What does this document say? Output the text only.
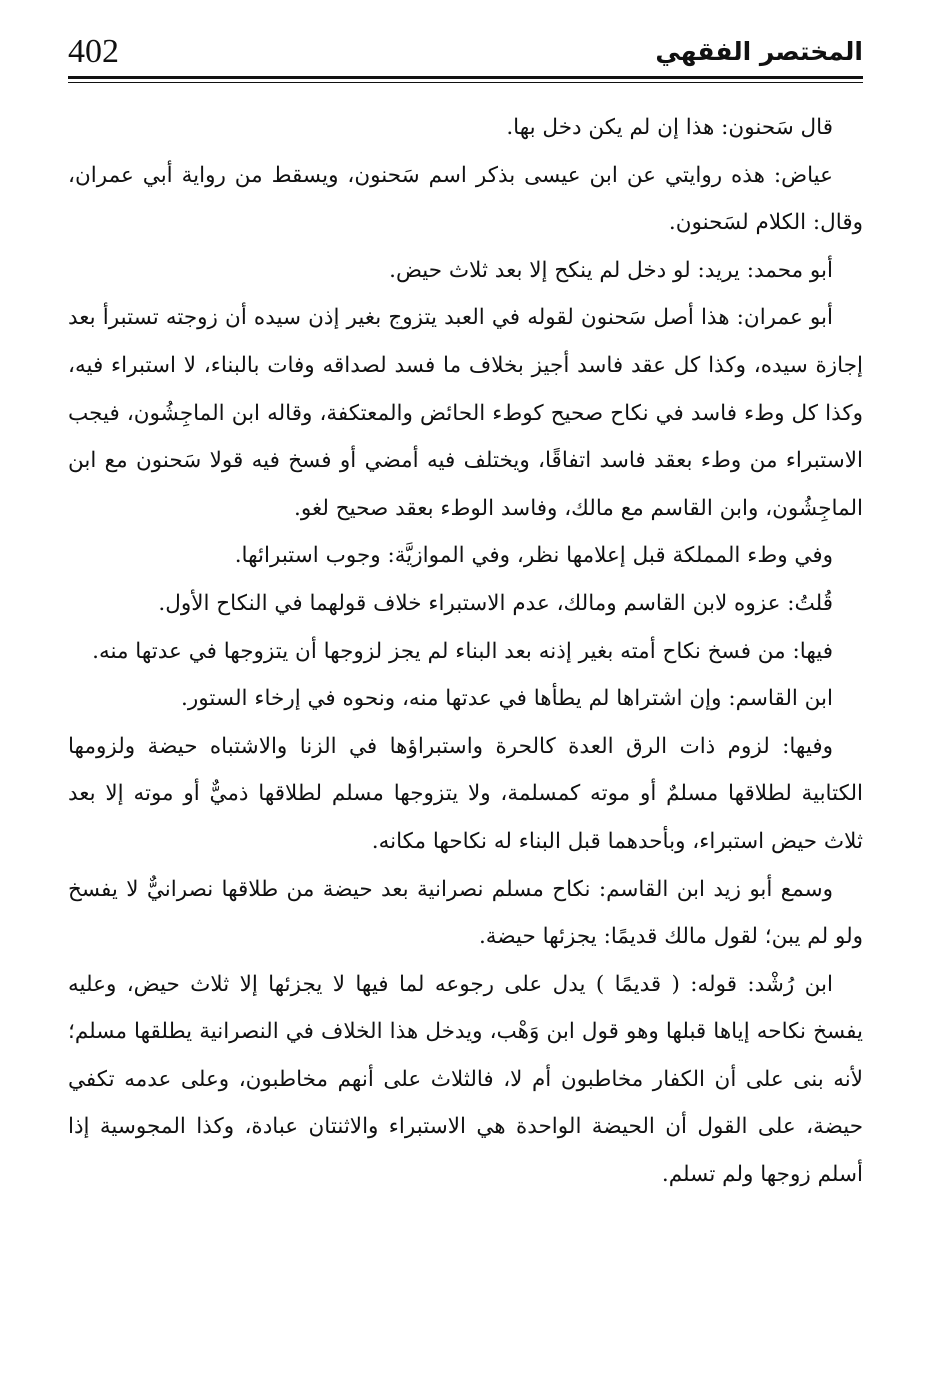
402	المختصر الفقهي

قال سَحنون: هذا إن لم يكن دخل بها.

عياض: هذه روايتي عن ابن عيسى بذكر اسم سَحنون، ويسقط من رواية أبي عمران، وقال: الكلام لسَحنون.

أبو محمد: يريد: لو دخل لم ينكح إلا بعد ثلاث حيض.

أبو عمران: هذا أصل سَحنون لقوله في العبد يتزوج بغير إذن سيده أن زوجته تستبرأ بعد إجازة سيده، وكذا كل عقد فاسد أجيز بخلاف ما فسد لصداقه وفات بالبناء، لا استبراء فيه، وكذا كل وطء فاسد في نكاح صحيح كوطء الحائض والمعتكفة، وقاله ابن الماجِشُون، فيجب الاستبراء من وطء بعقد فاسد اتفاقًا، ويختلف فيه أمضي أو فسخ فيه قولا سَحنون مع ابن الماجِشُون، وابن القاسم مع مالك، وفاسد الوطء بعقد صحيح لغو.

وفي وطء المملكة قبل إعلامها نظر، وفي الموازيَّة: وجوب استبرائها.

قُلتُ: عزوه لابن القاسم ومالك، عدم الاستبراء خلاف قولهما في النكاح الأول.

فيها: من فسخ نكاح أمته بغير إذنه بعد البناء لم يجز لزوجها أن يتزوجها في عدتها منه.

ابن القاسم: وإن اشتراها لم يطأها في عدتها منه، ونحوه في إرخاء الستور.

وفيها: لزوم ذات الرق العدة كالحرة واستبراؤها في الزنا والاشتباه حيضة ولزومها الكتابية لطلاقها مسلمٌ أو موته كمسلمة، ولا يتزوجها مسلم لطلاقها ذميٌّ أو موته إلا بعد ثلاث حيض استبراء، وبأحدهما قبل البناء له نكاحها مكانه.

وسمع أبو زيد ابن القاسم: نكاح مسلم نصرانية بعد حيضة من طلاقها نصرانيٌّ لا يفسخ ولو لم يبن؛ لقول مالك قديمًا: يجزئها حيضة.

ابن رُشْد: قوله: ( قديمًا ) يدل على رجوعه لما فيها لا يجزئها إلا ثلاث حيض، وعليه يفسخ نكاحه إياها قبلها وهو قول ابن وَهْب، ويدخل هذا الخلاف في النصرانية يطلقها مسلم؛ لأنه بنى على أن الكفار مخاطبون أم لا، فالثلاث على أنهم مخاطبون، وعلى عدمه تكفي حيضة، على القول أن الحيضة الواحدة هي الاستبراء والاثنتان عبادة، وكذا المجوسية إذا أسلم زوجها ولم تسلم.
